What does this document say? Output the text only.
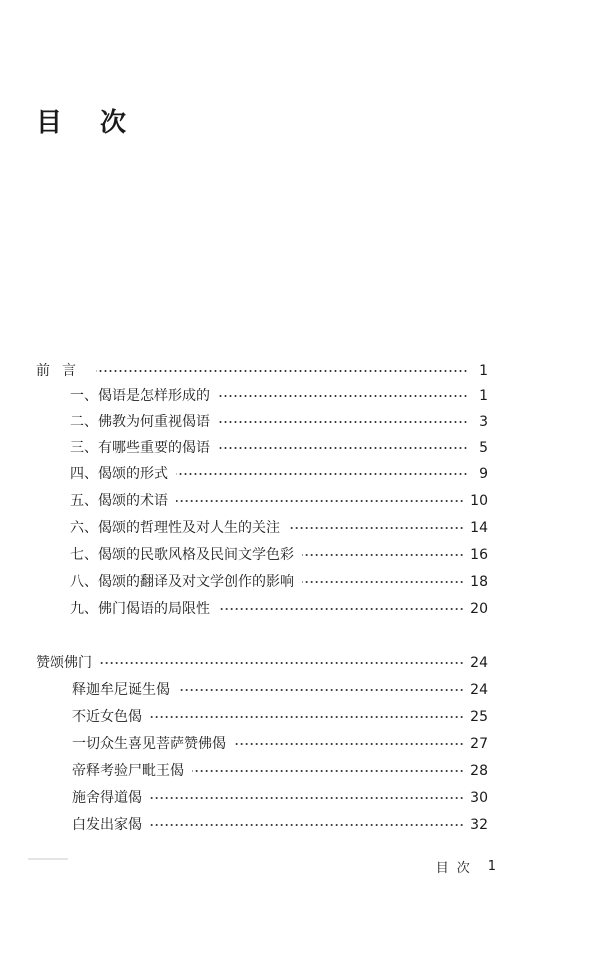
目 次
前言	1
一、偈语是怎样形成的	1
二、佛教为何重视偈语	3
三、有哪些重要的偈语	5
四、偈颂的形式	9
五、偈颂的术语	10
六、偈颂的哲理性及对人生的关注	14
七、偈颂的民歌风格及民间文学色彩	16
八、偈颂的翻译及对文学创作的影响	18
九、佛门偈语的局限性	20
赞颂佛门	24
释迦牟尼诞生偈	24
不近女色偈	25
一切众生喜见菩萨赞佛偈	27
帝释考验尸毗王偈	28
施舍得道偈	30
白发出家偈	32
目次 1
